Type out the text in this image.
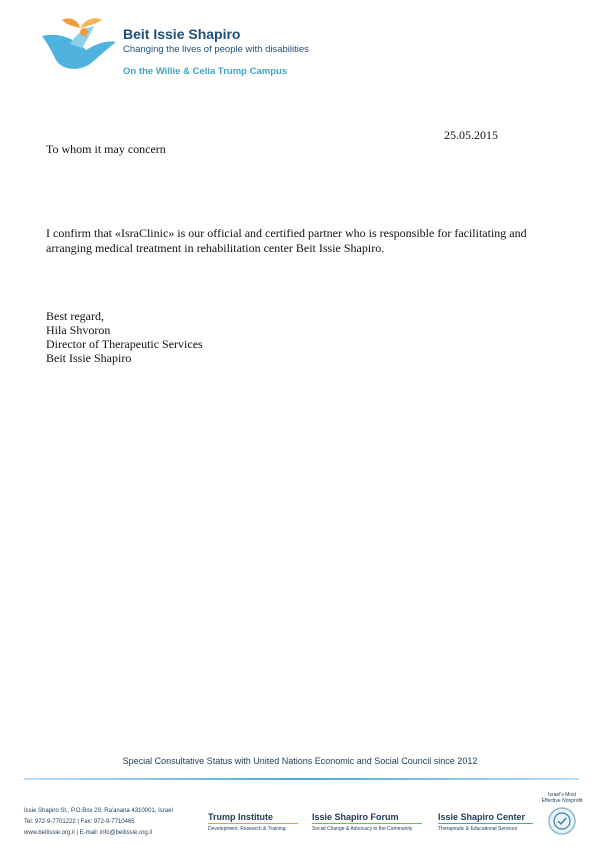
Beit Issie Shapiro
Changing the lives of people with disabilities
On the Willie & Celia Trump Campus
25.05.2015
To whom it may concern
I confirm that «IsraClinic» is our official and certified partner who is responsible for facilitating and arranging medical treatment in rehabilitation center Beit Issie Shapiro.
Best regard,
Hila Shvoron
Director of Therapeutic Services
Beit Issie Shapiro
Special Consultative Status with United Nations Economic and Social Council since 2012
Issie Shapiro St., P.O.Box 29, Ra'anana 4310001, Israel
Tel: 972-9-7701222 | Fax: 972-9-7710465
www.beitissie.org.il | E-mail: info@beitissie.org.il
Trump Institute
Development, Research & Training
Issie Shapiro Forum
Social Change & Advocacy in the Community
Issie Shapiro Center
Therapeutic & Educational Services
Israel's Most
Effective Nonprofit
